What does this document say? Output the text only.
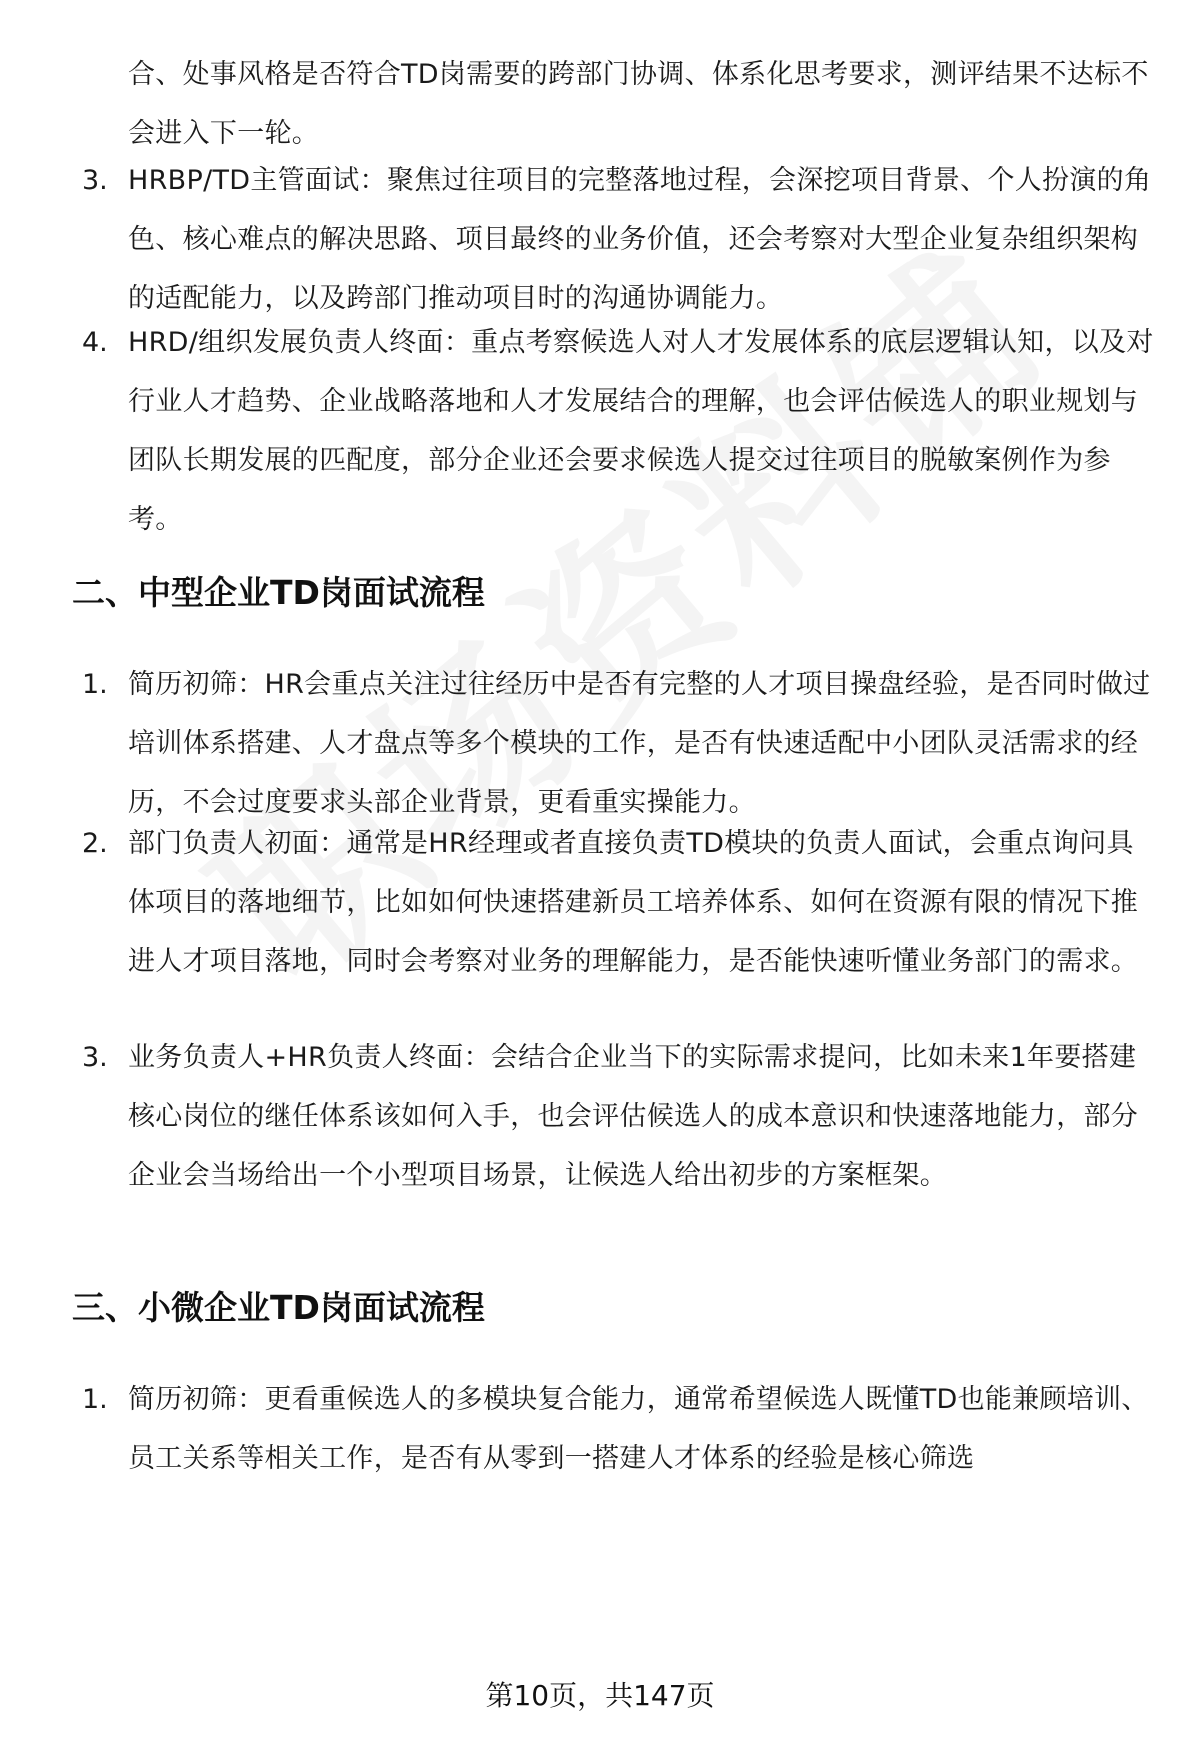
合、处事风格是否符合TD岗需要的跨部门协调、体系化思考要求，测评结果不达标不会进入下一轮。
3. HRBP/TD主管面试：聚焦过往项目的完整落地过程，会深挖项目背景、个人扮演的角色、核心难点的解决思路、项目最终的业务价值，还会考察对大型企业复杂组织架构的适配能力，以及跨部门推动项目时的沟通协调能力。
4. HRD/组织发展负责人终面：重点考察候选人对人才发展体系的底层逻辑认知，以及对行业人才趋势、企业战略落地和人才发展结合的理解，也会评估候选人的职业规划与团队长期发展的匹配度，部分企业还会要求候选人提交过往项目的脱敏案例作为参考。
二、中型企业TD岗面试流程
1. 简历初筛：HR会重点关注过往经历中是否有完整的人才项目操盘经验，是否同时做过培训体系搭建、人才盘点等多个模块的工作，是否有快速适配中小团队灵活需求的经历，不会过度要求头部企业背景，更看重实操能力。
2. 部门负责人初面：通常是HR经理或者直接负责TD模块的负责人面试，会重点询问具体项目的落地细节，比如如何快速搭建新员工培养体系、如何在资源有限的情况下推进人才项目落地，同时会考察对业务的理解能力，是否能快速听懂业务部门的需求。
3. 业务负责人+HR负责人终面：会结合企业当下的实际需求提问，比如未来1年要搭建核心岗位的继任体系该如何入手，也会评估候选人的成本意识和快速落地能力，部分企业会当场给出一个小型项目场景，让候选人给出初步的方案框架。
三、小微企业TD岗面试流程
1. 简历初筛：更看重候选人的多模块复合能力，通常希望候选人既懂TD也能兼顾培训、员工关系等相关工作，是否有从零到一搭建人才体系的经验是核心筛选
第10页，共147页
